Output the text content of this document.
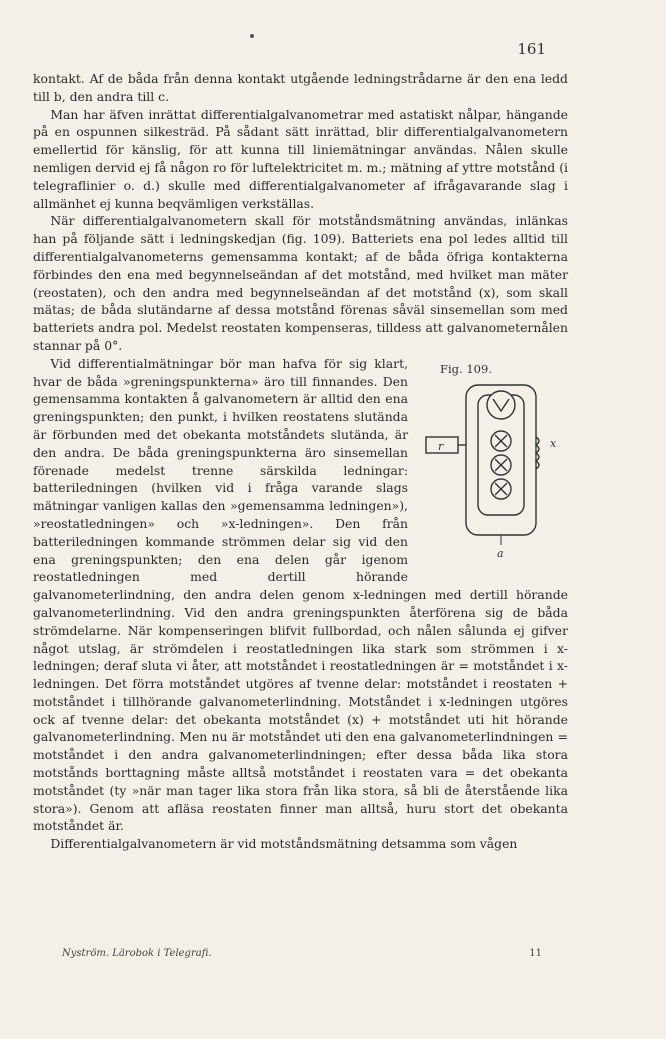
161

kontakt. Af de båda från denna kontakt utgående ledningstrådarne är den ena ledd till b, den andra till c.

Man har äfven inrättat differentialgalvanometrar med astatiskt nålpar, hängande på en ospunnen silkesträd. På sådant sätt inrättad, blir differentialgalvanometern emellertid för känslig, för att kunna till liniemätningar användas. Nålen skulle nemligen dervid ej få någon ro för luftelektricitet m. m.; mätning af yttre motstånd (i telegraflinier o. d.) skulle med differentialgalvanometer af ifrågavarande slag i allmänhet ej kunna beqvämligen verkställas.

När differentialgalvanometern skall för motståndsmätning användas, inlänkas han på följande sätt i ledningskedjan (fig. 109). Batteriets ena pol ledes alltid till differentialgalvanometerns gemensamma kontakt; af de båda öfriga kontakterna förbindes den ena med begynnelseändan af det motstånd, med hvilket man mäter (reostaten), och den andra med begynnelseändan af det motstånd (x), som skall mätas; de båda slutändarne af dessa motstånd förenas såväl sinsemellan som med batteriets andra pol. Medelst reostaten kompenseras, tilldess att galvanometernålen stannar på 0°.

Fig. 109.
r	x
a

Vid differentialmätningar bör man hafva för sig klart, hvar de båda »greningspunkterna» äro till finnandes. Den gemensamma kontakten å galvanometern är alltid den ena greningspunkten; den punkt, i hvilken reostatens slutända är förbunden med det obekanta motståndets slutända, är den andra. De båda greningspunkterna äro sinsemellan förenade medelst trenne särskilda ledningar: batteriledningen (hvilken vid i fråga varande slags mätningar vanligen kallas den »gemensamma ledningen»), »reostatledningen» och »x-ledningen». Den från batteriledningen kommande strömmen delar sig vid den ena greningspunkten; den ena delen går igenom reostatledningen med dertill hörande galvanometerlindning, den andra delen genom x-ledningen med dertill hörande galvanometerlindning. Vid den andra greningspunkten återförena sig de båda strömdelarne. När kompenseringen blifvit fullbordad, och nålen sålunda ej gifver något utslag, är strömdelen i reostatledningen lika stark som strömmen i x-ledningen; deraf sluta vi åter, att motståndet i reostatledningen är = motståndet i x-ledningen. Det förra motståndet utgöres af tvenne delar: motståndet i reostaten + motståndet i tillhörande galvanometerlindning. Motståndet i x-ledningen utgöres ock af tvenne delar: det obekanta motståndet (x) + motståndet uti hit hörande galvanometerlindning. Men nu är motståndet uti den ena galvanometerlindningen = motståndet i den andra galvanometerlindningen; efter dessa båda lika stora motstånds borttagning måste alltså motståndet i reostaten vara = det obekanta motståndet (ty »när man tager lika stora från lika stora, så bli de återstående lika stora»). Genom att afläsa reostaten finner man alltså, huru stort det obekanta motståndet är.

Differentialgalvanometern är vid motståndsmätning detsamma som vågen

Nyström. Lärobok i Telegrafi.	11
